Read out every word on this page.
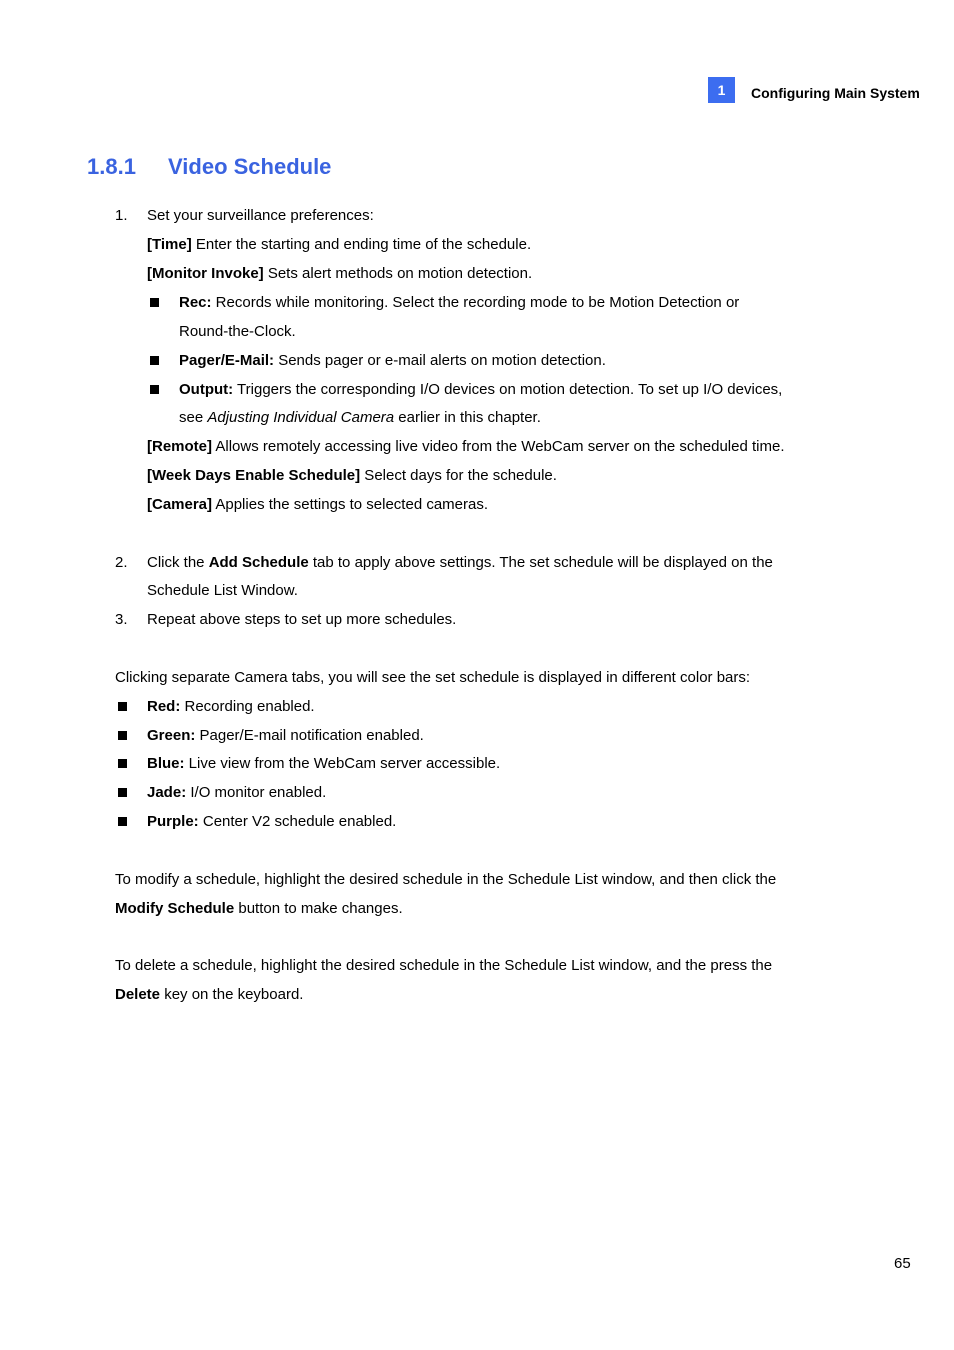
1	Configuring Main System
1.8.1 Video Schedule
1. Set your surveillance preferences:
[Time] Enter the starting and ending time of the schedule.
[Monitor Invoke] Sets alert methods on motion detection.
Rec: Records while monitoring. Select the recording mode to be Motion Detection or
Round-the-Clock.
Pager/E-Mail: Sends pager or e-mail alerts on motion detection.
Output: Triggers the corresponding I/O devices on motion detection. To set up I/O devices,
see Adjusting Individual Camera earlier in this chapter.
[Remote] Allows remotely accessing live video from the WebCam server on the scheduled time.
[Week Days Enable Schedule] Select days for the schedule.
[Camera] Applies the settings to selected cameras.
2. Click the Add Schedule tab to apply above settings. The set schedule will be displayed on the
Schedule List Window.
3. Repeat above steps to set up more schedules.
Clicking separate Camera tabs, you will see the set schedule is displayed in different color bars:
Red: Recording enabled.
Green: Pager/E-mail notification enabled.
Blue: Live view from the WebCam server accessible.
Jade: I/O monitor enabled.
Purple: Center V2 schedule enabled.
To modify a schedule, highlight the desired schedule in the Schedule List window, and then click the
Modify Schedule button to make changes.
To delete a schedule, highlight the desired schedule in the Schedule List window, and the press the
Delete key on the keyboard.
65
